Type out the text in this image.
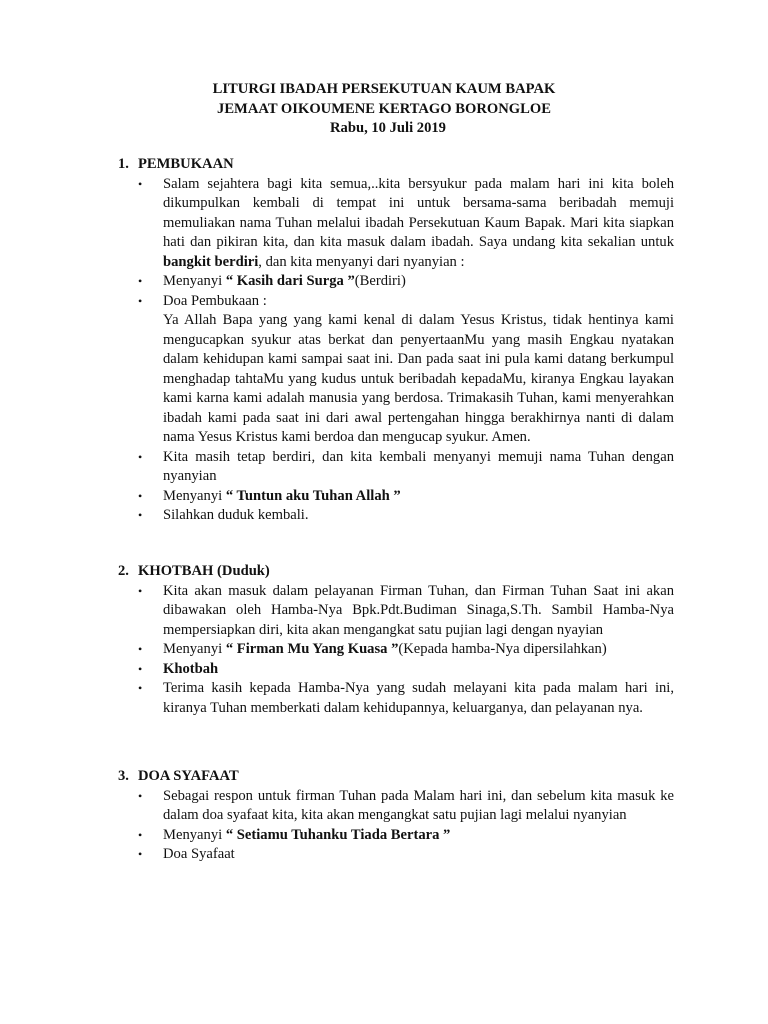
LITURGI IBADAH PERSEKUTUAN KAUM BAPAK
JEMAAT OIKOUMENE KERTAGO BORONGLOE
Rabu, 10 Juli 2019
1. PEMBUKAAN
• Salam sejahtera bagi kita semua,..kita bersyukur pada malam hari ini kita boleh dikumpulkan kembali di tempat ini untuk bersama-sama beribadah memuji memuliakan nama Tuhan melalui ibadah Persekutuan Kaum Bapak. Mari kita siapkan hati dan pikiran kita, dan kita masuk dalam ibadah. Saya undang kita sekalian untuk bangkit berdiri, dan kita menyanyi dari nyanyian :
• Menyanyi “ Kasih dari Surga ”(Berdiri)
• Doa Pembukaan :
Ya Allah Bapa yang yang kami kenal di dalam Yesus Kristus, tidak hentinya kami mengucapkan syukur atas berkat dan penyertaanMu yang masih Engkau nyatakan dalam kehidupan kami sampai saat ini. Dan pada saat ini pula kami datang berkumpul menghadap tahtaMu yang kudus untuk beribadah kepadaMu, kiranya Engkau layakan kami karna kami adalah manusia yang berdosa. Trimakasih Tuhan, kami menyerahkan ibadah kami pada saat ini dari awal pertengahan hingga berakhirnya nanti di dalam nama Yesus Kristus kami berdoa dan mengucap syukur. Amen.
• Kita masih tetap berdiri, dan kita kembali menyanyi memuji nama Tuhan dengan nyanyian
• Menyanyi “ Tuntun aku Tuhan Allah ”
• Silahkan duduk kembali.
2. KHOTBAH (Duduk)
• Kita akan masuk dalam pelayanan Firman Tuhan, dan Firman Tuhan Saat ini akan dibawakan oleh Hamba-Nya Bpk.Pdt.Budiman Sinaga,S.Th. Sambil Hamba-Nya mempersiapkan diri, kita akan mengangkat satu pujian lagi dengan nyayian
• Menyanyi “ Firman Mu Yang Kuasa ”(Kepada hamba-Nya dipersilahkan)
• Khotbah
• Terima kasih kepada Hamba-Nya yang sudah melayani kita pada malam hari ini, kiranya Tuhan memberkati dalam kehidupannya, keluarganya, dan pelayanan nya.
3. DOA SYAFAAT
• Sebagai respon untuk firman Tuhan pada Malam hari ini, dan sebelum kita masuk ke dalam doa syafaat kita, kita akan mengangkat satu pujian lagi melalui nyanyian
• Menyanyi “ Setiamu Tuhanku Tiada Bertara ”
• Doa Syafaat
